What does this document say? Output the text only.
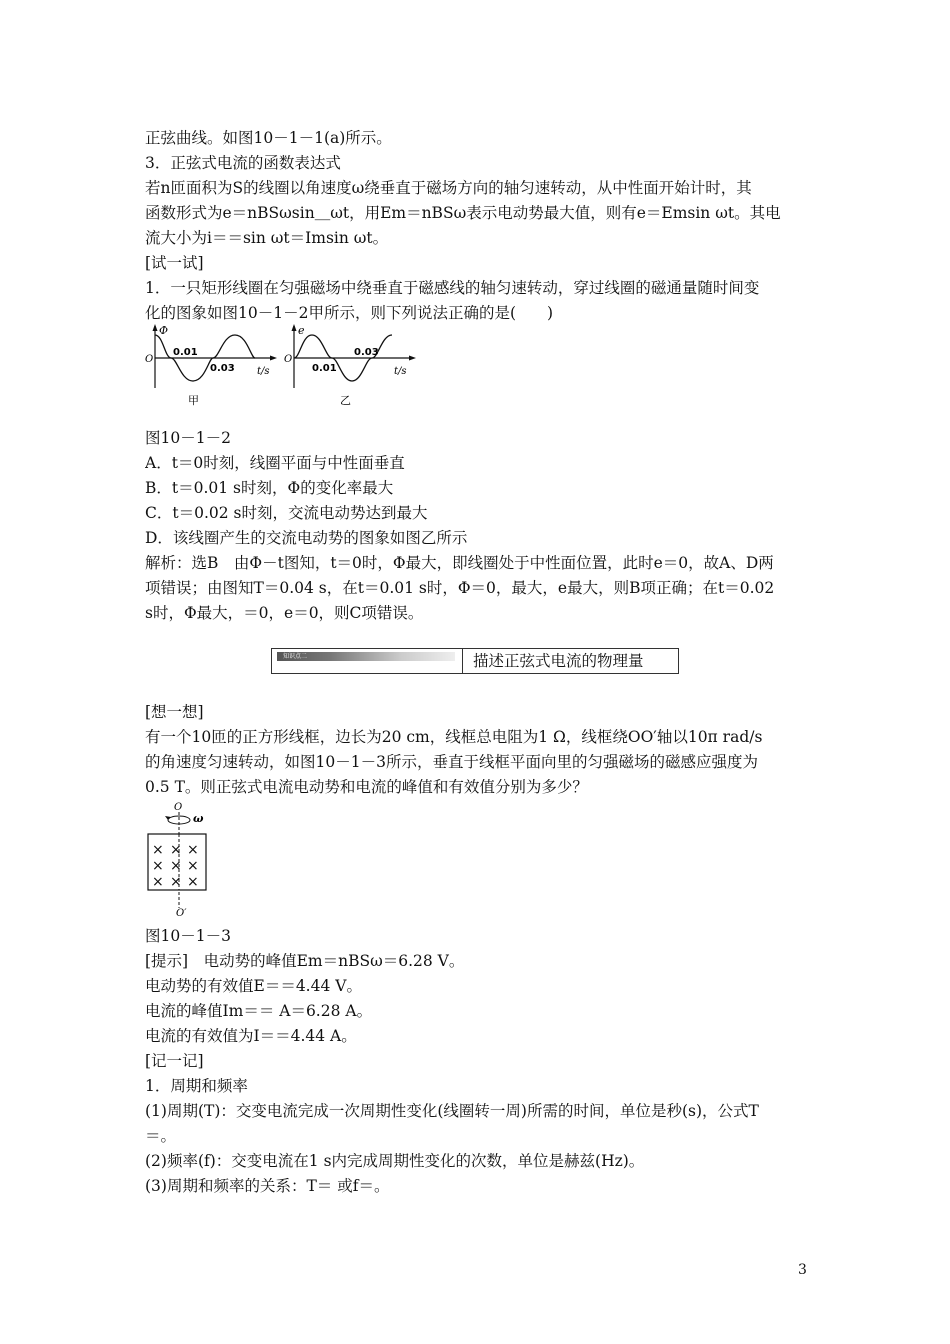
正弦曲线。如图10－1－1(a)所示。
3．正弦式电流的函数表达式
若n匝面积为S的线圈以角速度ω绕垂直于磁场方向的轴匀速转动，从中性面开始计时，其
函数形式为e＝nBSωsin＿ωt，用Em＝nBSω表示电动势最大值，则有e＝Emsin ωt。其电
流大小为i＝＝sin ωt＝Imsin ωt。
[试一试]
1．一只矩形线圈在匀强磁场中绕垂直于磁感线的轴匀速转动，穿过线圈的磁通量随时间变
化的图象如图10－1－2甲所示，则下列说法正确的是(　　)
Φ
O
0.01
0.03 t/s
甲
e
O
0.01
0.03
t/s
乙
图10－1－2
A．t＝0时刻，线圈平面与中性面垂直
B．t＝0.01 s时刻，Φ的变化率最大
C．t＝0.02 s时刻，交流电动势达到最大
D．该线圈产生的交流电动势的图象如图乙所示
解析：选B　由Φ－t图知，t＝0时，Φ最大，即线圈处于中性面位置，此时e＝0，故A、D两
项错误；由图知T＝0.04 s，在t＝0.01 s时，Φ＝0，最大，e最大，则B项正确；在t＝0.02
s时，Φ最大，＝0，e＝0，则C项错误。
知识点二	描述正弦式电流的物理量
[想一想]
有一个10匝的正方形线框，边长为20 cm，线框总电阻为1 Ω，线框绕OO′轴以10π rad/s
的角速度匀速转动，如图10－1－3所示，垂直于线框平面向里的匀强磁场的磁感应强度为
0.5 T。则正弦式电流电动势和电流的峰值和有效值分别为多少？
O
ω
× × ×
× × ×
× × ×
O′
图10－1－3
[提示]　电动势的峰值Em＝nBSω＝6.28 V。
电动势的有效值E＝＝4.44 V。
电流的峰值Im＝＝ A＝6.28 A。
电流的有效值为I＝＝4.44 A。
[记一记]
1．周期和频率
(1)周期(T)：交变电流完成一次周期性变化(线圈转一周)所需的时间，单位是秒(s)，公式T
＝。
(2)频率(f)：交变电流在1 s内完成周期性变化的次数，单位是赫兹(Hz)。
(3)周期和频率的关系：T＝ 或f＝。
3
